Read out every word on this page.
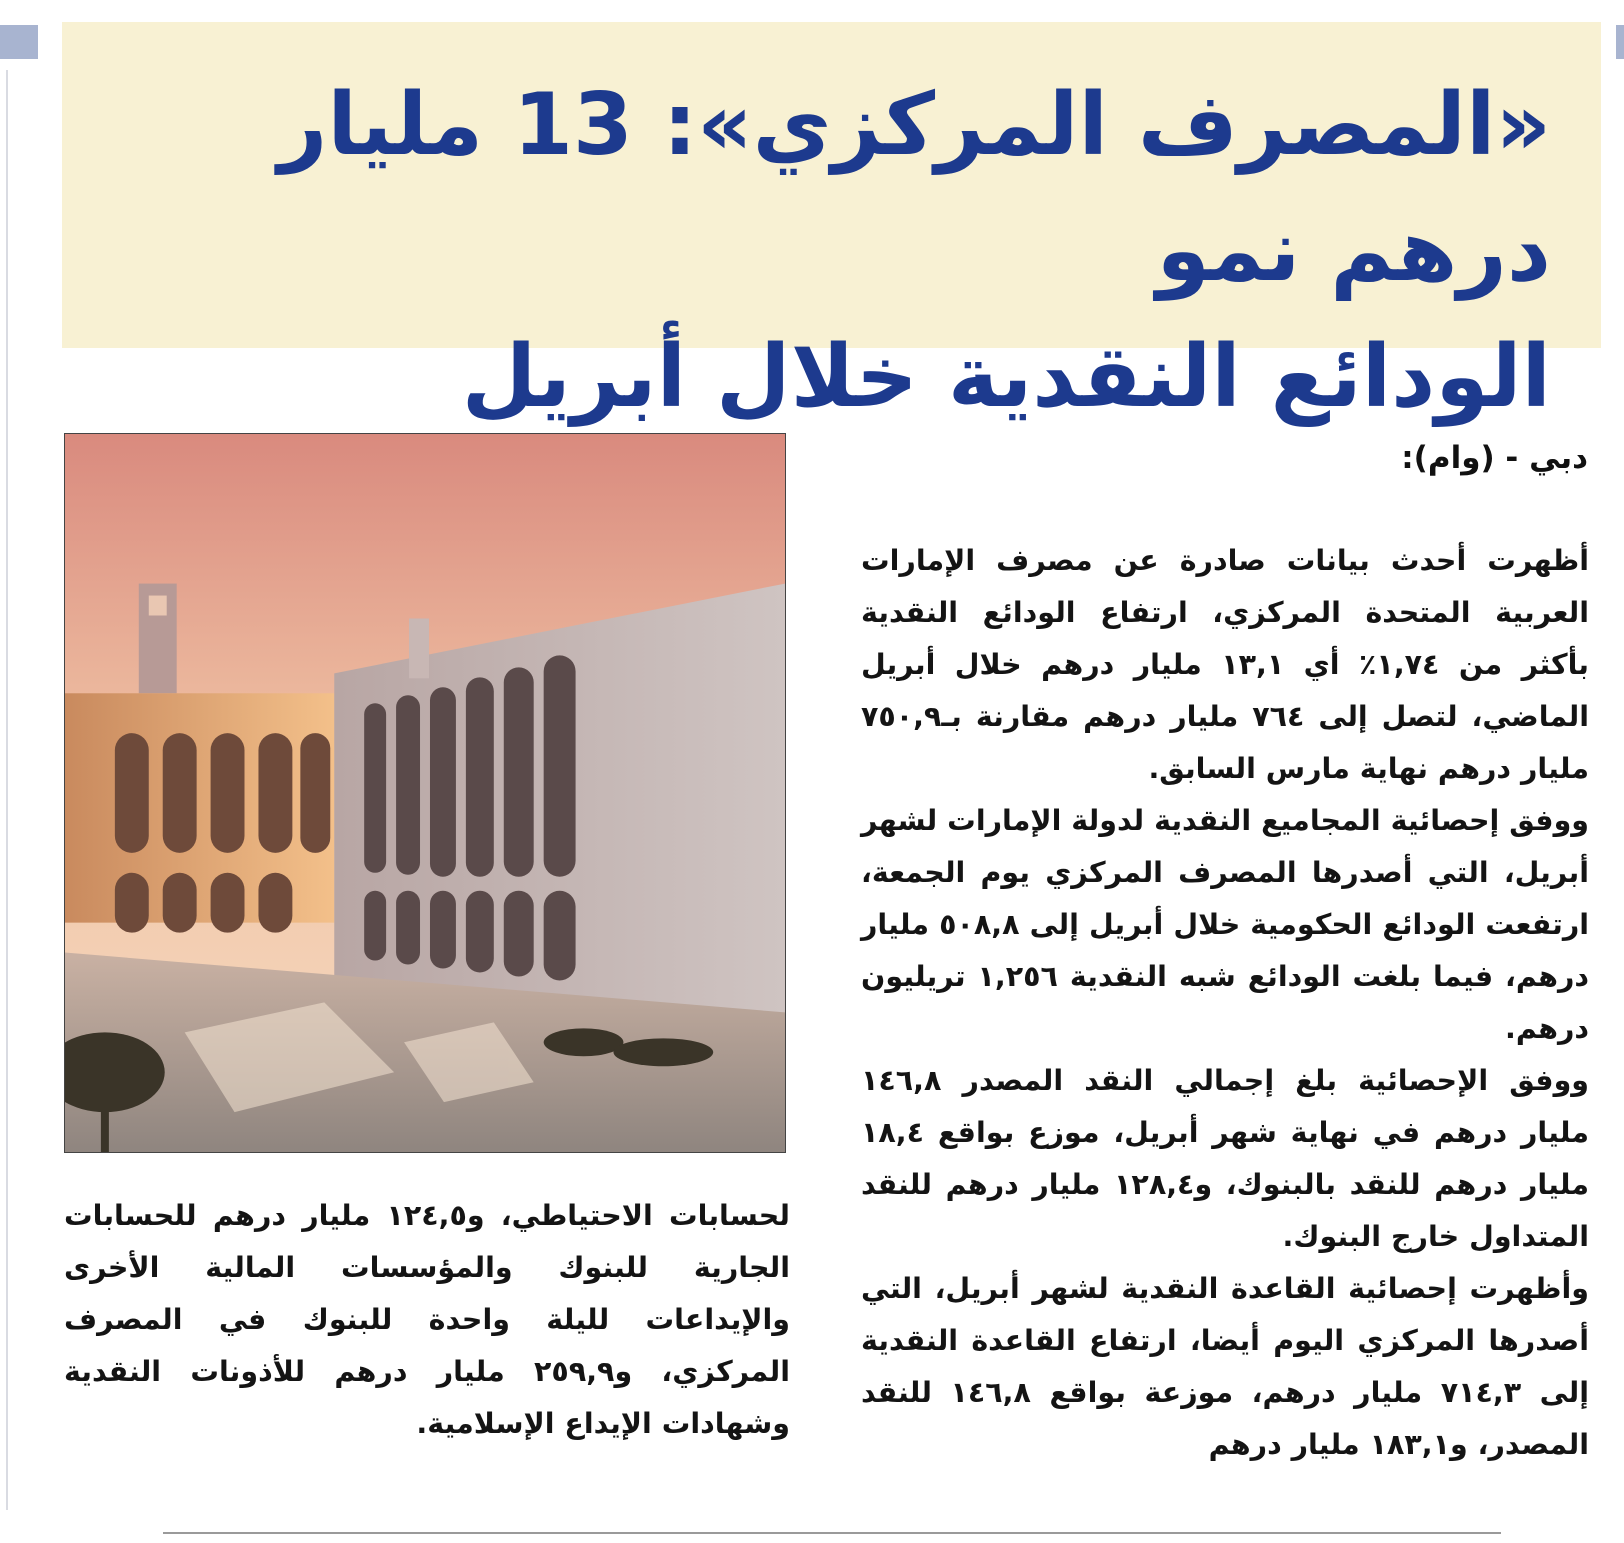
«المصرف المركزي»: 13 مليار درهم نمو
الودائع النقدية خلال أبريل
دبي - (وام):

أظهرت أحدث بيانات صادرة عن مصرف الإمارات العربية المتحدة المركزي، ارتفاع الودائع النقدية بأكثر من ١,٧٤٪ أي ١٣,١ مليار درهم خلال أبريل الماضي، لتصل إلى ٧٦٤ مليار درهم مقارنة بـ٧٥٠,٩ مليار درهم نهاية مارس السابق.

ووفق إحصائية المجاميع النقدية لدولة الإمارات لشهر أبريل، التي أصدرها المصرف المركزي يوم الجمعة، ارتفعت الودائع الحكومية خلال أبريل إلى ٥٠٨,٨ مليار درهم، فيما بلغت الودائع شبه النقدية ١,٢٥٦ تريليون درهم.

ووفق الإحصائية بلغ إجمالي النقد المصدر ١٤٦,٨ مليار درهم في نهاية شهر أبريل، موزع بواقع ١٨,٤ مليار درهم للنقد بالبنوك، و١٢٨,٤ مليار درهم للنقد المتداول خارج البنوك.

وأظهرت إحصائية القاعدة النقدية لشهر أبريل، التي أصدرها المركزي اليوم أيضا، ارتفاع القاعدة النقدية إلى ٧١٤,٣ مليار درهم، موزعة بواقع ١٤٦,٨ للنقد المصدر، و١٨٣,١ مليار درهم

لحسابات الاحتياطي، و١٢٤,٥ مليار درهم للحسابات الجارية للبنوك والمؤسسات المالية الأخرى والإيداعات لليلة واحدة للبنوك في المصرف المركزي، و٢٥٩,٩ مليار درهم للأذونات النقدية وشهادات الإيداع الإسلامية.
